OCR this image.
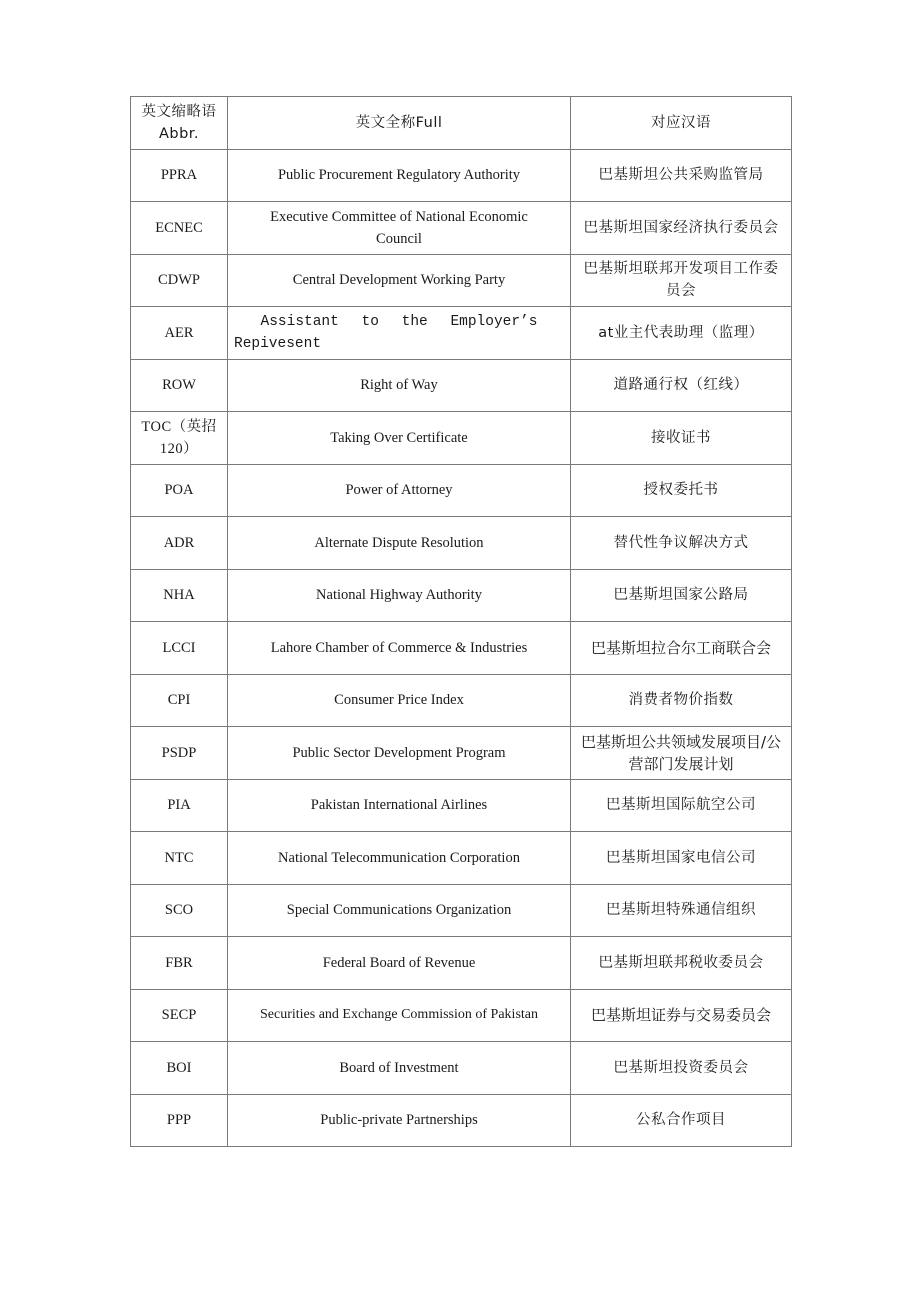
英文缩略语 Abbr.	英文全称Full	对应汉语
PPRA	Public Procurement Regulatory Authority	巴基斯坦公共采购监管局
ECNEC	Executive Committee of National Economic Council	巴基斯坦国家经济执行委员会
CDWP	Central Development Working Party	巴基斯坦联邦开发项目工作委员会
AER	Assistant to the Employer’s Repivesent	at业主代表助理（监理）
ROW	Right of Way	道路通行权（红线）
TOC（英招120）	Taking Over Certificate	接收证书
POA	Power of Attorney	授权委托书
ADR	Alternate Dispute Resolution	替代性争议解决方式
NHA	National Highway Authority	巴基斯坦国家公路局
LCCI	Lahore Chamber of Commerce & Industries	巴基斯坦拉合尔工商联合会
CPI	Consumer Price Index	消费者物价指数
PSDP	Public Sector Development Program	巴基斯坦公共领域发展项目/公营部门发展计划
PIA	Pakistan International Airlines	巴基斯坦国际航空公司
NTC	National Telecommunication Corporation	巴基斯坦国家电信公司
SCO	Special Communications Organization	巴基斯坦特殊通信组织
FBR	Federal Board of Revenue	巴基斯坦联邦税收委员会
SECP	Securities and Exchange Commission of Pakistan	巴基斯坦证券与交易委员会
BOI	Board of Investment	巴基斯坦投资委员会
PPP	Public-private Partnerships	公私合作项目
